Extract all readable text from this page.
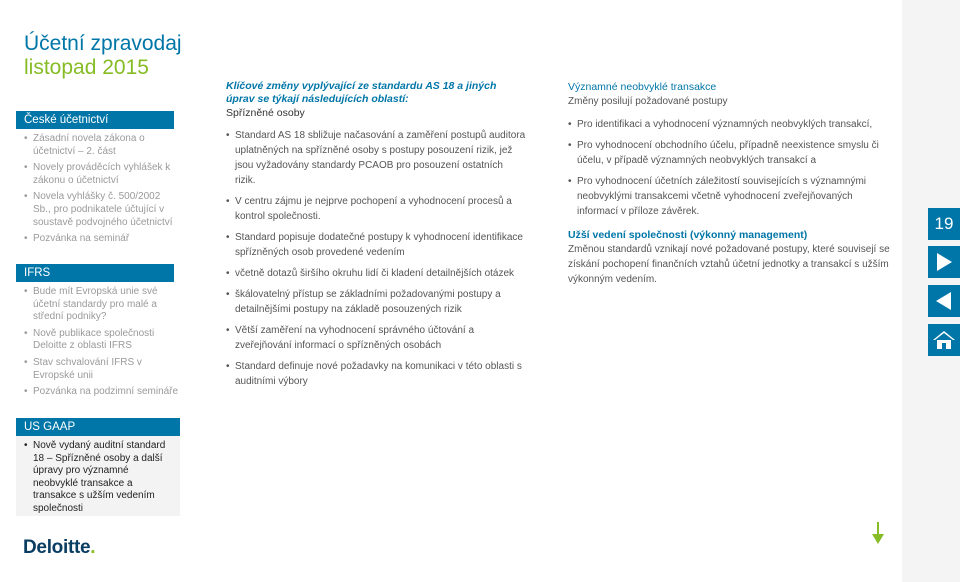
Účetní zpravodaj
listopad 2015
České účetnictví
• Zásadní novela zákona o účetnictví – 2. část
• Novely prováděcích vyhlášek k zákonu o účetnictví
• Novela vyhlášky č. 500/2002 Sb., pro podnikatele účtující v soustavě podvojného účetnictví
• Pozvánka na seminář
IFRS
• Bude mít Evropská unie své účetní standardy pro malé a střední podniky?
• Nově publikace společnosti Deloitte z oblasti IFRS
• Stav schvalování IFRS v Evropské unii
• Pozvánka na podzimní semináře
US GAAP
• Nově vydaný auditní standard 18 – Spřízněné osoby a další úpravy pro významné neobvyklé transakce a transakce s užším vedením společnosti
Deloitte.
Klíčové změny vyplývající ze standardu AS 18 a jiných úprav se týkají následujících oblastí:
Spřízněné osoby
• Standard AS 18 sbližuje načasování a zaměření postupů auditora uplatněných na spřízněné osoby s postupy posouzení rizik, jež jsou vyžadovány standardy PCAOB pro posouzení ostatních rizik.
• V centru zájmu je nejprve pochopení a vyhodnocení procesů a kontrol společnosti.
• Standard popisuje dodatečné postupy k vyhodnocení identifikace spřízněných osob provedené vedením
• včetně dotazů širšího okruhu lidí či kladení detailnějších otázek
• škálovatelný přístup se základními požadovanými postupy a detailnějšími postupy na základě posouzených rizik
• Větší zaměření na vyhodnocení správného účtování a zveřejňování informací o spřízněných osobách
• Standard definuje nové požadavky na komunikaci v této oblasti s auditními výbory
Významné neobvyklé transakce
Změny posilují požadované postupy
• Pro identifikaci a vyhodnocení významných neobvyklých transakcí,
• Pro vyhodnocení obchodního účelu, případně neexistence smyslu či účelu, v případě významných neobvyklých transakcí a
• Pro vyhodnocení účetních záležitostí souvisejících s významnými neobvyklými transakcemi včetně vyhodnocení zveřejňovaných informací v příloze závěrek.
Užší vedení společnosti (výkonný management)
Změnou standardů vznikají nové požadované postupy, které souvisejí se získání pochopení finančních vztahů účetní jednotky a transakcí s užším výkonným vedením.
19
